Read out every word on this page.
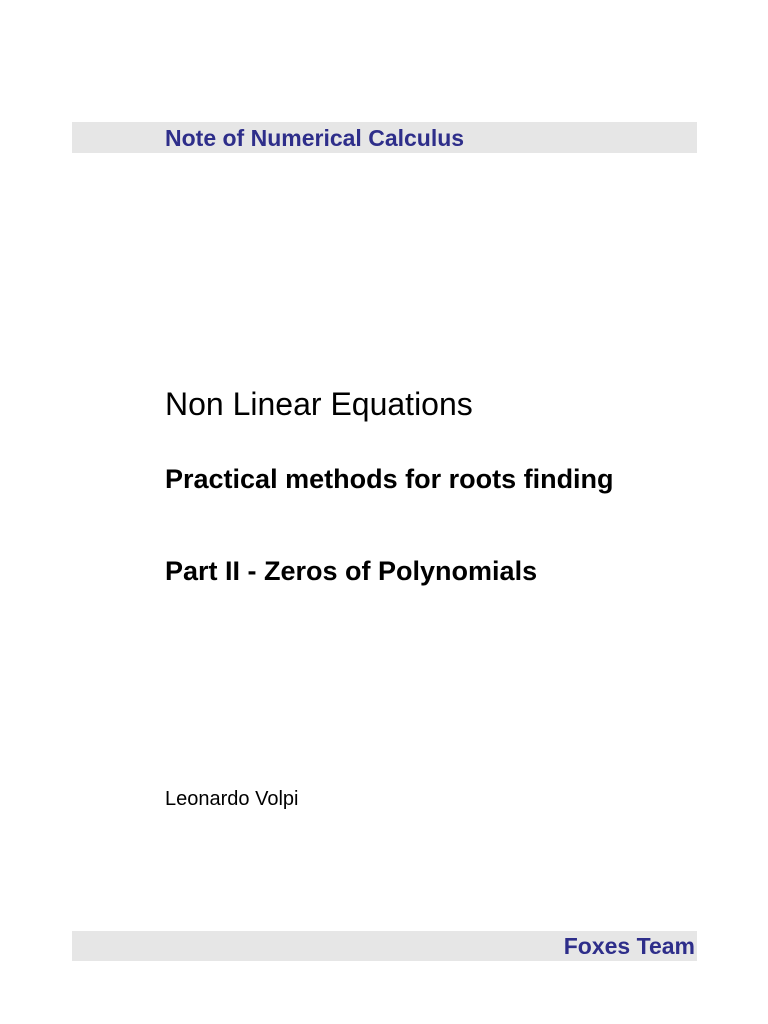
Note of Numerical Calculus
Non Linear Equations
Practical methods for roots finding
Part II - Zeros of Polynomials
Leonardo Volpi
Foxes Team
